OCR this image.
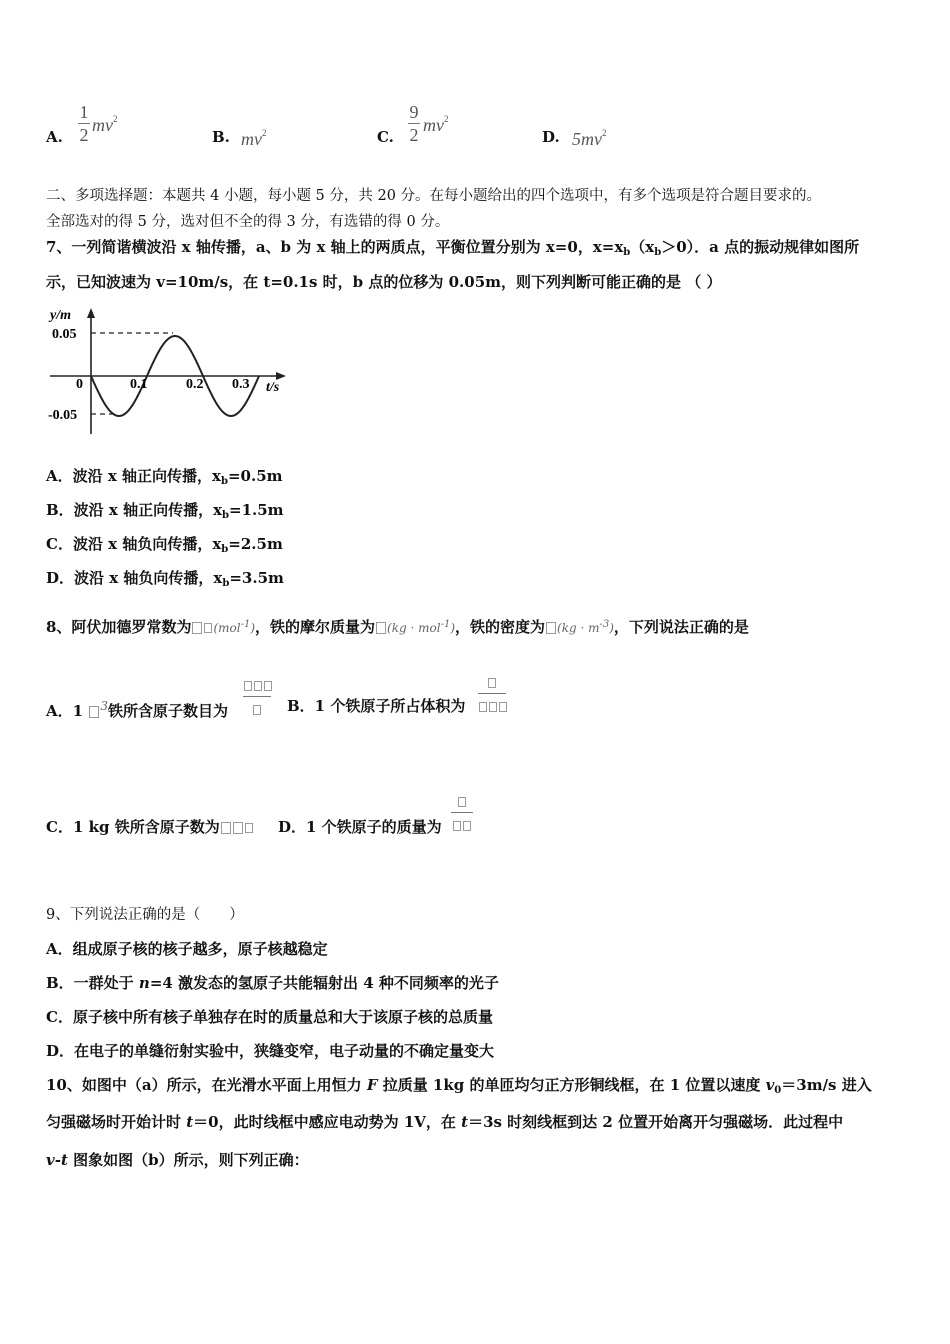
A.
1
2 $mv^2$
B. $mv^2$	C.
9
2 $mv^2$
D. $5mv^2$
二、多项选择题：本题共 4 小题，每小题 5 分，共 20 分。在每小题给出的四个选项中，有多个选项是符合题目要求的。
全部选对的得 5 分，选对但不全的得 3 分，有选错的得 0 分。
7、一列简谐横波沿 x 轴传播，a、b 为 x 轴上的两质点，平衡位置分别为 x=0，$x=x_b(x_b>0)$．a 点的振动规律如图所
示，已知波速为 v=10m/s，在 t=0.1s 时，b 点的位移为 0.05m，则下列判断可能正确的是 （ ）
y/m
t/s
0.05
-0.05
0	0.1	0.2 0.3
A．波沿 x 轴正向传播，$x_b=0.5m$
B．波沿 x 轴正向传播，$x_b=1.5m$
C．波沿 x 轴负向传播，$x_b=2.5m$
D．波沿 x 轴负向传播，$x_b=3.5m$
8、阿伏加德罗常数为 (mol$^{-1}$)，铁的摩尔质量为 (kg · mol$^{-1}$)，铁的密度为 $(kg \cdot m^{-3})$，下列说法正确的是
A．1 $^3$铁所含原子数目为	B．1 个铁原子所占体积为
C．1 kg 铁所含原子数为	D．1 个铁原子的质量为
9、下列说法正确的是（　　）
A．组成原子核的核子越多，原子核越稳定
B．一群处于 n=4 激发态的氢原子共能辐射出 4 种不同频率的光子
C．原子核中所有核子单独存在时的质量总和大于该原子核的总质量
D．在电子的单缝衍射实验中，狭缝变窄，电子动量的不确定量变大
10、如图中（a）所示，在光滑水平面上用恒力 F 拉质量 1kg 的单匝均匀正方形铜线框，在 1 位置以速度 $v_0=3m/s$ 进入
匀强磁场时开始计时 t＝0，此时线框中感应电动势为 1V，在 t＝3s 时刻线框到达 2 位置开始离开匀强磁场．此过程中
v-t 图象如图（b）所示，则下列正确：
